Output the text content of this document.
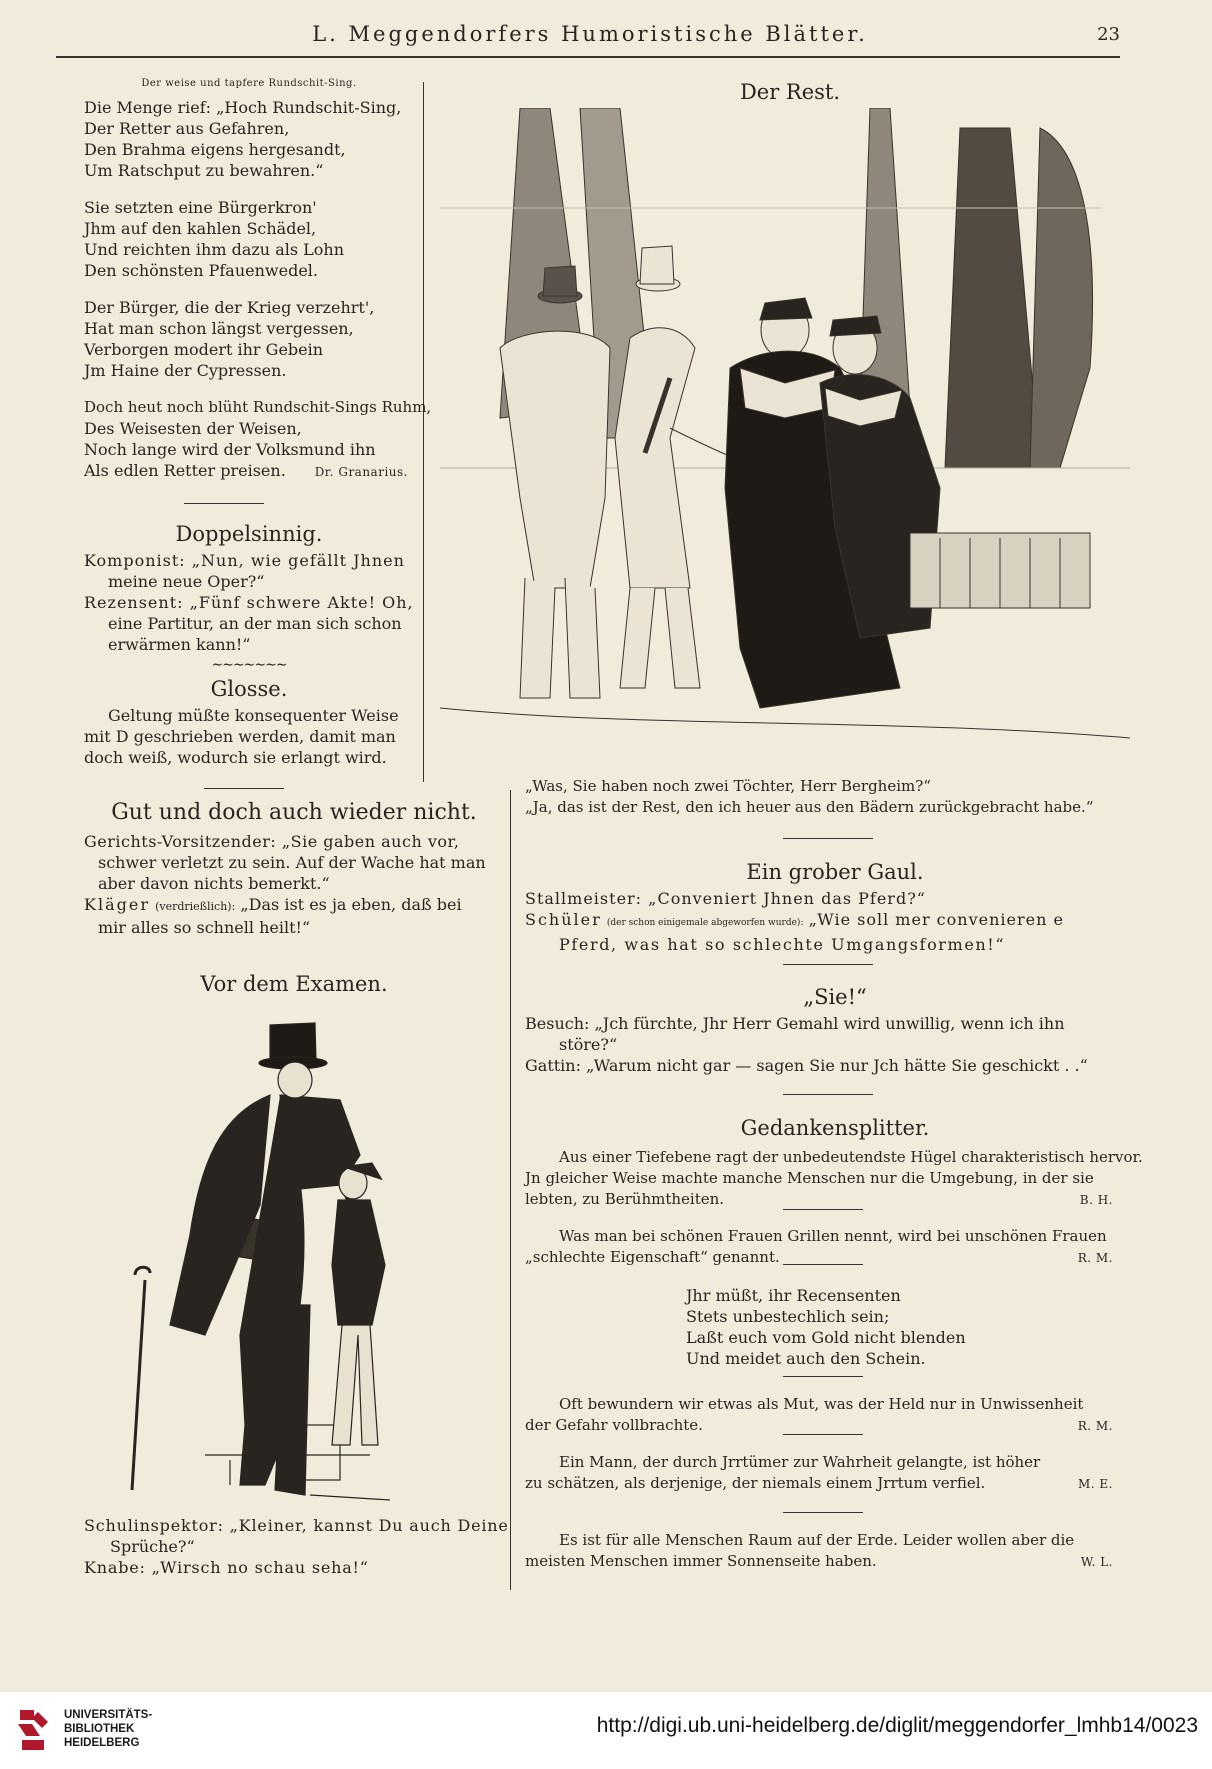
L. Meggendorfers Humoristische Blätter.	23
Der weise und tapfere Rundschit-Sing.
Die Menge rief: „Hoch Rundschit-Sing,
Der Retter aus Gefahren,
Den Brahma eigens hergesandt,
Um Ratschput zu bewahren.“
Sie setzten eine Bürgerkron'
Jhm auf den kahlen Schädel,
Und reichten ihm dazu als Lohn
Den schönsten Pfauenwedel.
Der Bürger, die der Krieg verzehrt',
Hat man schon längst vergessen,
Verborgen modert ihr Gebein
Jm Haine der Cypressen.
Doch heut noch blüht Rundschit-Sings Ruhm,
Des Weisesten der Weisen,
Noch lange wird der Volksmund ihn
Als edlen Retter preisen.	Dr. Granarius.
Doppelsinnig.
Komponist: „Nun, wie gefällt Jhnen
meine neue Oper?“
Rezensent: „Fünf schwere Akte! Oh,
eine Partitur, an der man sich schon
erwärmen kann!“
∼∼∼∼∼∼∼
Glosse.
Geltung müßte konsequenter Weise
mit D geschrieben werden, damit man
doch weiß, wodurch sie erlangt wird.
Gut und doch auch wieder nicht.
Gerichts-Vorsitzender: „Sie gaben auch vor,
schwer verletzt zu sein. Auf der Wache hat man
aber davon nichts bemerkt.“
Kläger (verdrießlich): „Das ist es ja eben, daß bei
mir alles so schnell heilt!“
Vor dem Examen.
Schulinspektor: „Kleiner, kannst Du auch Deine
Sprüche?“
Knabe: „Wirsch no schau seha!“
Der Rest.
„Was, Sie haben noch zwei Töchter, Herr Bergheim?“
„Ja, das ist der Rest, den ich heuer aus den Bädern zurückgebracht habe.“
Ein grober Gaul.
Stallmeister: „Conveniert Jhnen das Pferd?“
Schüler (der schon einigemale abgeworfen wurde): „Wie soll mer convenieren e
Pferd, was hat so schlechte Umgangsformen!“
„Sie!“
Besuch: „Jch fürchte, Jhr Herr Gemahl wird unwillig, wenn ich ihn
störe?“
Gattin: „Warum nicht gar — sagen Sie nur Jch hätte Sie geschickt . .“
Gedankensplitter.
Aus einer Tiefebene ragt der unbedeutendste Hügel charakteristisch hervor.
Jn gleicher Weise machte manche Menschen nur die Umgebung, in der sie
lebten, zu Berühmtheiten.	B. H.
Was man bei schönen Frauen Grillen nennt, wird bei unschönen Frauen
„schlechte Eigenschaft“ genannt.	R. M.
Jhr müßt, ihr Recensenten
Stets unbestechlich sein;
Laßt euch vom Gold nicht blenden
Und meidet auch den Schein.
Oft bewundern wir etwas als Mut, was der Held nur in Unwissenheit
der Gefahr vollbrachte.	R. M.
Ein Mann, der durch Jrrtümer zur Wahrheit gelangte, ist höher
zu schätzen, als derjenige, der niemals einem Jrrtum verfiel.	M. E.
Es ist für alle Menschen Raum auf der Erde. Leider wollen aber die
meisten Menschen immer Sonnenseite haben.	W. L.
UNIVERSITÄTS-
BIBLIOTHEK
HEIDELBERG
http://digi.ub.uni-heidelberg.de/diglit/meggendorfer_lmhb14/0023
